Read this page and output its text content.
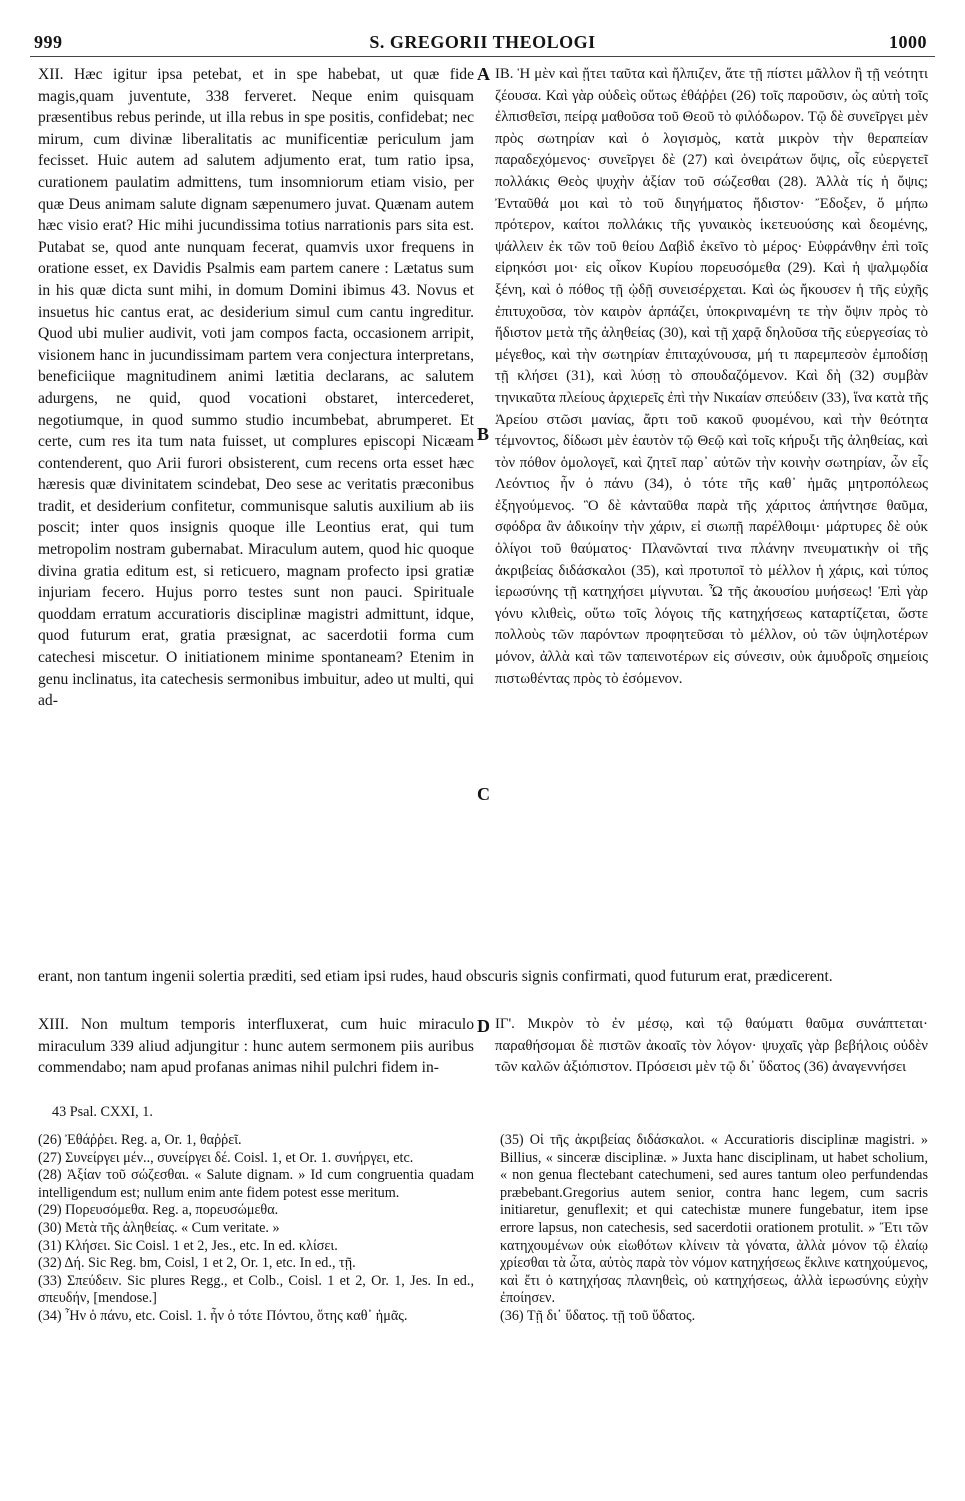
999	S. GREGORII THEOLOGI	1000

XII. Hæc igitur ipsa petebat, et in spe habebat, ut quæ fide magis,quam juventute, 338 ferveret. Neque enim quisquam præsentibus rebus perinde, ut illa rebus in spe positis, confidebat; nec mirum, cum divinæ liberalitatis ac munificentiæ periculum jam fecisset. Huic autem ad salutem adjumento erat, tum ratio ipsa, curationem paulatim admittens, tum insomniorum etiam visio, per quæ Deus animam salute dignam sæpenumero juvat. Quænam autem hæc visio erat? Hic mihi jucundissima totius narrationis pars sita est. Putabat se, quod ante nunquam fecerat, quamvis uxor frequens in oratione esset, ex Davidis Psalmis eam partem canere : Lætatus sum in his quæ dicta sunt mihi, in domum Domini ibimus 43. Novus et insuetus hic cantus erat, ac desiderium simul cum cantu ingreditur. Quod ubi mulier audivit, voti jam compos facta, occasionem arripit, visionem hanc in jucundissimam partem vera conjectura interpretans, beneficiique magnitudinem animi lætitia declarans, ac salutem adurgens, ne quid, quod vocationi obstaret, intercederet, negotiumque, in quod summo studio incumbebat, abrumperet. Et certe, cum res ita tum nata fuisset, ut complures episcopi Nicæam contenderent, quo Arii furori obsisterent, cum recens orta esset hæc hæresis quæ divinitatem scindebat, Deo sese ac veritatis præconibus tradit, et desiderium confitetur, communisque salutis auxilium ab iis poscit; inter quos insignis quoque ille Leontius erat, qui tum metropolim nostram gubernabat. Miraculum autem, quod hic quoque divina gratia editum est, si reticuero, magnam profecto ipsi gratiæ injuriam fecero. Hujus porro testes sunt non pauci. Spirituale quoddam erratum accuratioris disciplinæ magistri admittunt, idque, quod futurum erat, gratia præsignat, ac sacerdotii forma cum catechesi miscetur. O initiationem minime spontaneam? Etenim in genu inclinatus, ita catechesis sermonibus imbuitur, adeo ut multi, qui ad-

IB. Ἡ μὲν καὶ ᾔτει ταῦτα καὶ ἤλπιζεν, ἅτε τῇ πίστει μᾶλλον ἢ τῇ νεότητι ζέουσα. Καὶ γὰρ οὐδεὶς οὕτως ἐθάῤῥει (26) τοῖς παροῦσιν, ὡς αὐτὴ τοῖς ἐλπισθεῖσι, πείρᾳ μαθοῦσα τοῦ Θεοῦ τὸ φιλόδωρον. Τῷ δὲ συνεῖργει μὲν πρὸς σωτηρίαν καὶ ὁ λογισμὸς, κατὰ μικρὸν τὴν θεραπείαν παραδεχόμενος· συνεῖργει δὲ (27) καὶ ὀνειράτων ὄψις, οἷς εὐεργετεῖ πολλάκις Θεὸς ψυχὴν ἀξίαν τοῦ σώζεσθαι (28). Ἀλλὰ τίς ἡ ὄψις; Ἐνταῦθά μοι καὶ τὸ τοῦ διηγήματος ἥδιστον· Ἔδοξεν, ὅ μήπω πρότερον, καίτοι πολλάκις τῆς γυναικὸς ἱκετευούσης καὶ δεομένης, ψάλλειν ἐκ τῶν τοῦ θείου Δαβὶδ ἐκεῖνο τὸ μέρος· Εὐφράνθην ἐπὶ τοῖς εἰρηκόσι μοι· εἰς οἶκον Κυρίου πορευσόμεθα (29). Καὶ ἡ ψαλμῳδία ξένη, καὶ ὁ πόθος τῇ ᾠδῇ συνεισέρχεται. Καὶ ὡς ἤκουσεν ἡ τῆς εὐχῆς ἐπιτυχοῦσα, τὸν καιρὸν ἁρπάζει, ὑποκριναμένη τε τὴν ὄψιν πρὸς τὸ ἥδιστον μετὰ τῆς ἀληθείας (30), καὶ τῇ χαρᾷ δηλοῦσα τῆς εὐεργεσίας τὸ μέγεθος, καὶ τὴν σωτηρίαν ἐπιταχύνουσα, μή τι παρεμπεσὸν ἐμποδίσῃ τῇ κλήσει (31), καὶ λύσῃ τὸ σπουδαζόμενον. Καὶ δὴ (32) συμβὰν τηνικαῦτα πλείους ἀρχιερεῖς ἐπὶ τὴν Νικαίαν σπεύδειν (33), ἵνα κατὰ τῆς Ἀρείου στῶσι μανίας, ἄρτι τοῦ κακοῦ φυομένου, καὶ τὴν θεότητα τέμνοντος, δίδωσι μὲν ἑαυτὸν τῷ Θεῷ καὶ τοῖς κήρυξι τῆς ἀληθείας, καὶ τὸν πόθον ὁμολογεῖ, καὶ ζητεῖ παρ᾽ αὐτῶν τὴν κοινὴν σωτηρίαν, ὧν εἷς Λεόντιος ἦν ὁ πάνυ (34), ὁ τότε τῆς καθ᾽ ἡμᾶς μητροπόλεως ἐξηγούμενος. Ὃ δὲ κἀνταῦθα παρὰ τῆς χάριτος ἀπήντησε θαῦμα, σφόδρα ἂν ἀδικοίην τὴν χάριν, εἰ σιωπῇ παρέλθοιμι· μάρτυρες δὲ οὐκ ὀλίγοι τοῦ θαύματος· Πλανῶνταί τινα πλάνην πνευματικὴν οἱ τῆς ἀκριβείας διδάσκαλοι (35), καὶ προτυποῖ τὸ μέλλον ἡ χάρις, καὶ τύπος ἱερωσύνης τῇ κατηχήσει μίγνυται. Ὦ τῆς ἀκουσίου μυήσεως! Ἐπὶ γὰρ γόνυ κλιθεὶς, οὕτω τοῖς λόγοις τῆς κατηχήσεως καταρτίζεται, ὥστε πολλοὺς τῶν παρόντων προφητεῦσαι τὸ μέλλον, οὐ τῶν ὑψηλοτέρων μόνον, ἀλλὰ καὶ τῶν ταπεινοτέρων εἰς σύνεσιν, οὐκ ἀμυδροῖς σημείοις πιστωθέντας πρὸς τὸ ἐσόμενον.

A
B
C
D
erant, non tantum ingenii solertia præditi, sed etiam ipsi rudes, haud obscuris signis confirmati, quod futurum erat, prædicerent.
XIII. Non multum temporis interfluxerat, cum huic miraculo miraculum 339 aliud adjungitur : hunc autem sermonem piis auribus commendabo; nam apud profanas animas nihil pulchri fidem in-
IΓ'. Μικρὸν τὸ ἐν μέσῳ, καὶ τῷ θαύματι θαῦμα συνάπτεται· παραθήσομαι δὲ πιστῶν ἀκοαῖς τὸν λόγον· ψυχαῖς γὰρ βεβήλοις οὐδὲν τῶν καλῶν ἀξιόπιστον. Πρόσεισι μὲν τῷ δι᾽ ὕδατος (36) ἀναγεννήσει
43 Psal. CXXI, 1.

(26) Ἐθάῤῥει. Reg. a, Or. 1, θαῤῥεῖ.

(27) Συνείργει μέν.., συνείργει δέ. Coisl. 1, et Or. 1. συνήργει, etc.

(28) Ἀξίαν τοῦ σώζεσθαι. « Salute dignam. » Id cum congruentia quadam intelligendum est; nullum enim ante fidem potest esse meritum.

(29) Πορευσόμεθα. Reg. a, πορευσώμεθα.

(30) Μετὰ τῆς ἀληθείας. « Cum veritate. »

(31) Κλήσει. Sic Coisl. 1 et 2, Jes., etc. In ed. κλίσει.

(32) Δή. Sic Reg. bm, Coisl, 1 et 2, Or. 1, etc. In ed., τῇ.

(33) Σπεύδειν. Sic plures Regg., et Colb., Coisl. 1 et 2, Or. 1, Jes. In ed., σπευδήν, [mendose.]

(34) Ἦν ὁ πάνυ, etc. Coisl. 1. ἦν ὁ τότε Πόντου, ὅτης καθ᾽ ἡμᾶς.

(35) Οἱ τῆς ἀκριβείας διδάσκαλοι. « Accuratioris disciplinæ magistri. » Billius, « sinceræ disciplinæ. » Juxta hanc disciplinam, ut habet scholium, « non genua flectebant catechumeni, sed aures tantum oleo perfundendas præbebant.Gregorius autem senior, contra hanc legem, cum sacris initiaretur, genuflexit; et qui catechistæ munere fungebatur, item ipse errore lapsus, non catechesis, sed sacerdotii orationem protulit. » Ἔτι τῶν κατηχουμένων οὐκ εἰωθότων κλίνειν τὰ γόνατα, ἀλλὰ μόνον τῷ ἐλαίῳ χρίεσθαι τὰ ὦτα, αὐτὸς παρὰ τὸν νόμον κατηχήσεως ἔκλινε κατηχούμενος, καὶ ἔτι ὁ κατηχήσας πλανηθεὶς, οὐ κατηχήσεως, ἀλλὰ ἱερωσύνης εὐχὴν ἐποίησεν.

(36) Τῇ δι᾽ ὕδατος. τῇ τοῦ ὕδατος.
